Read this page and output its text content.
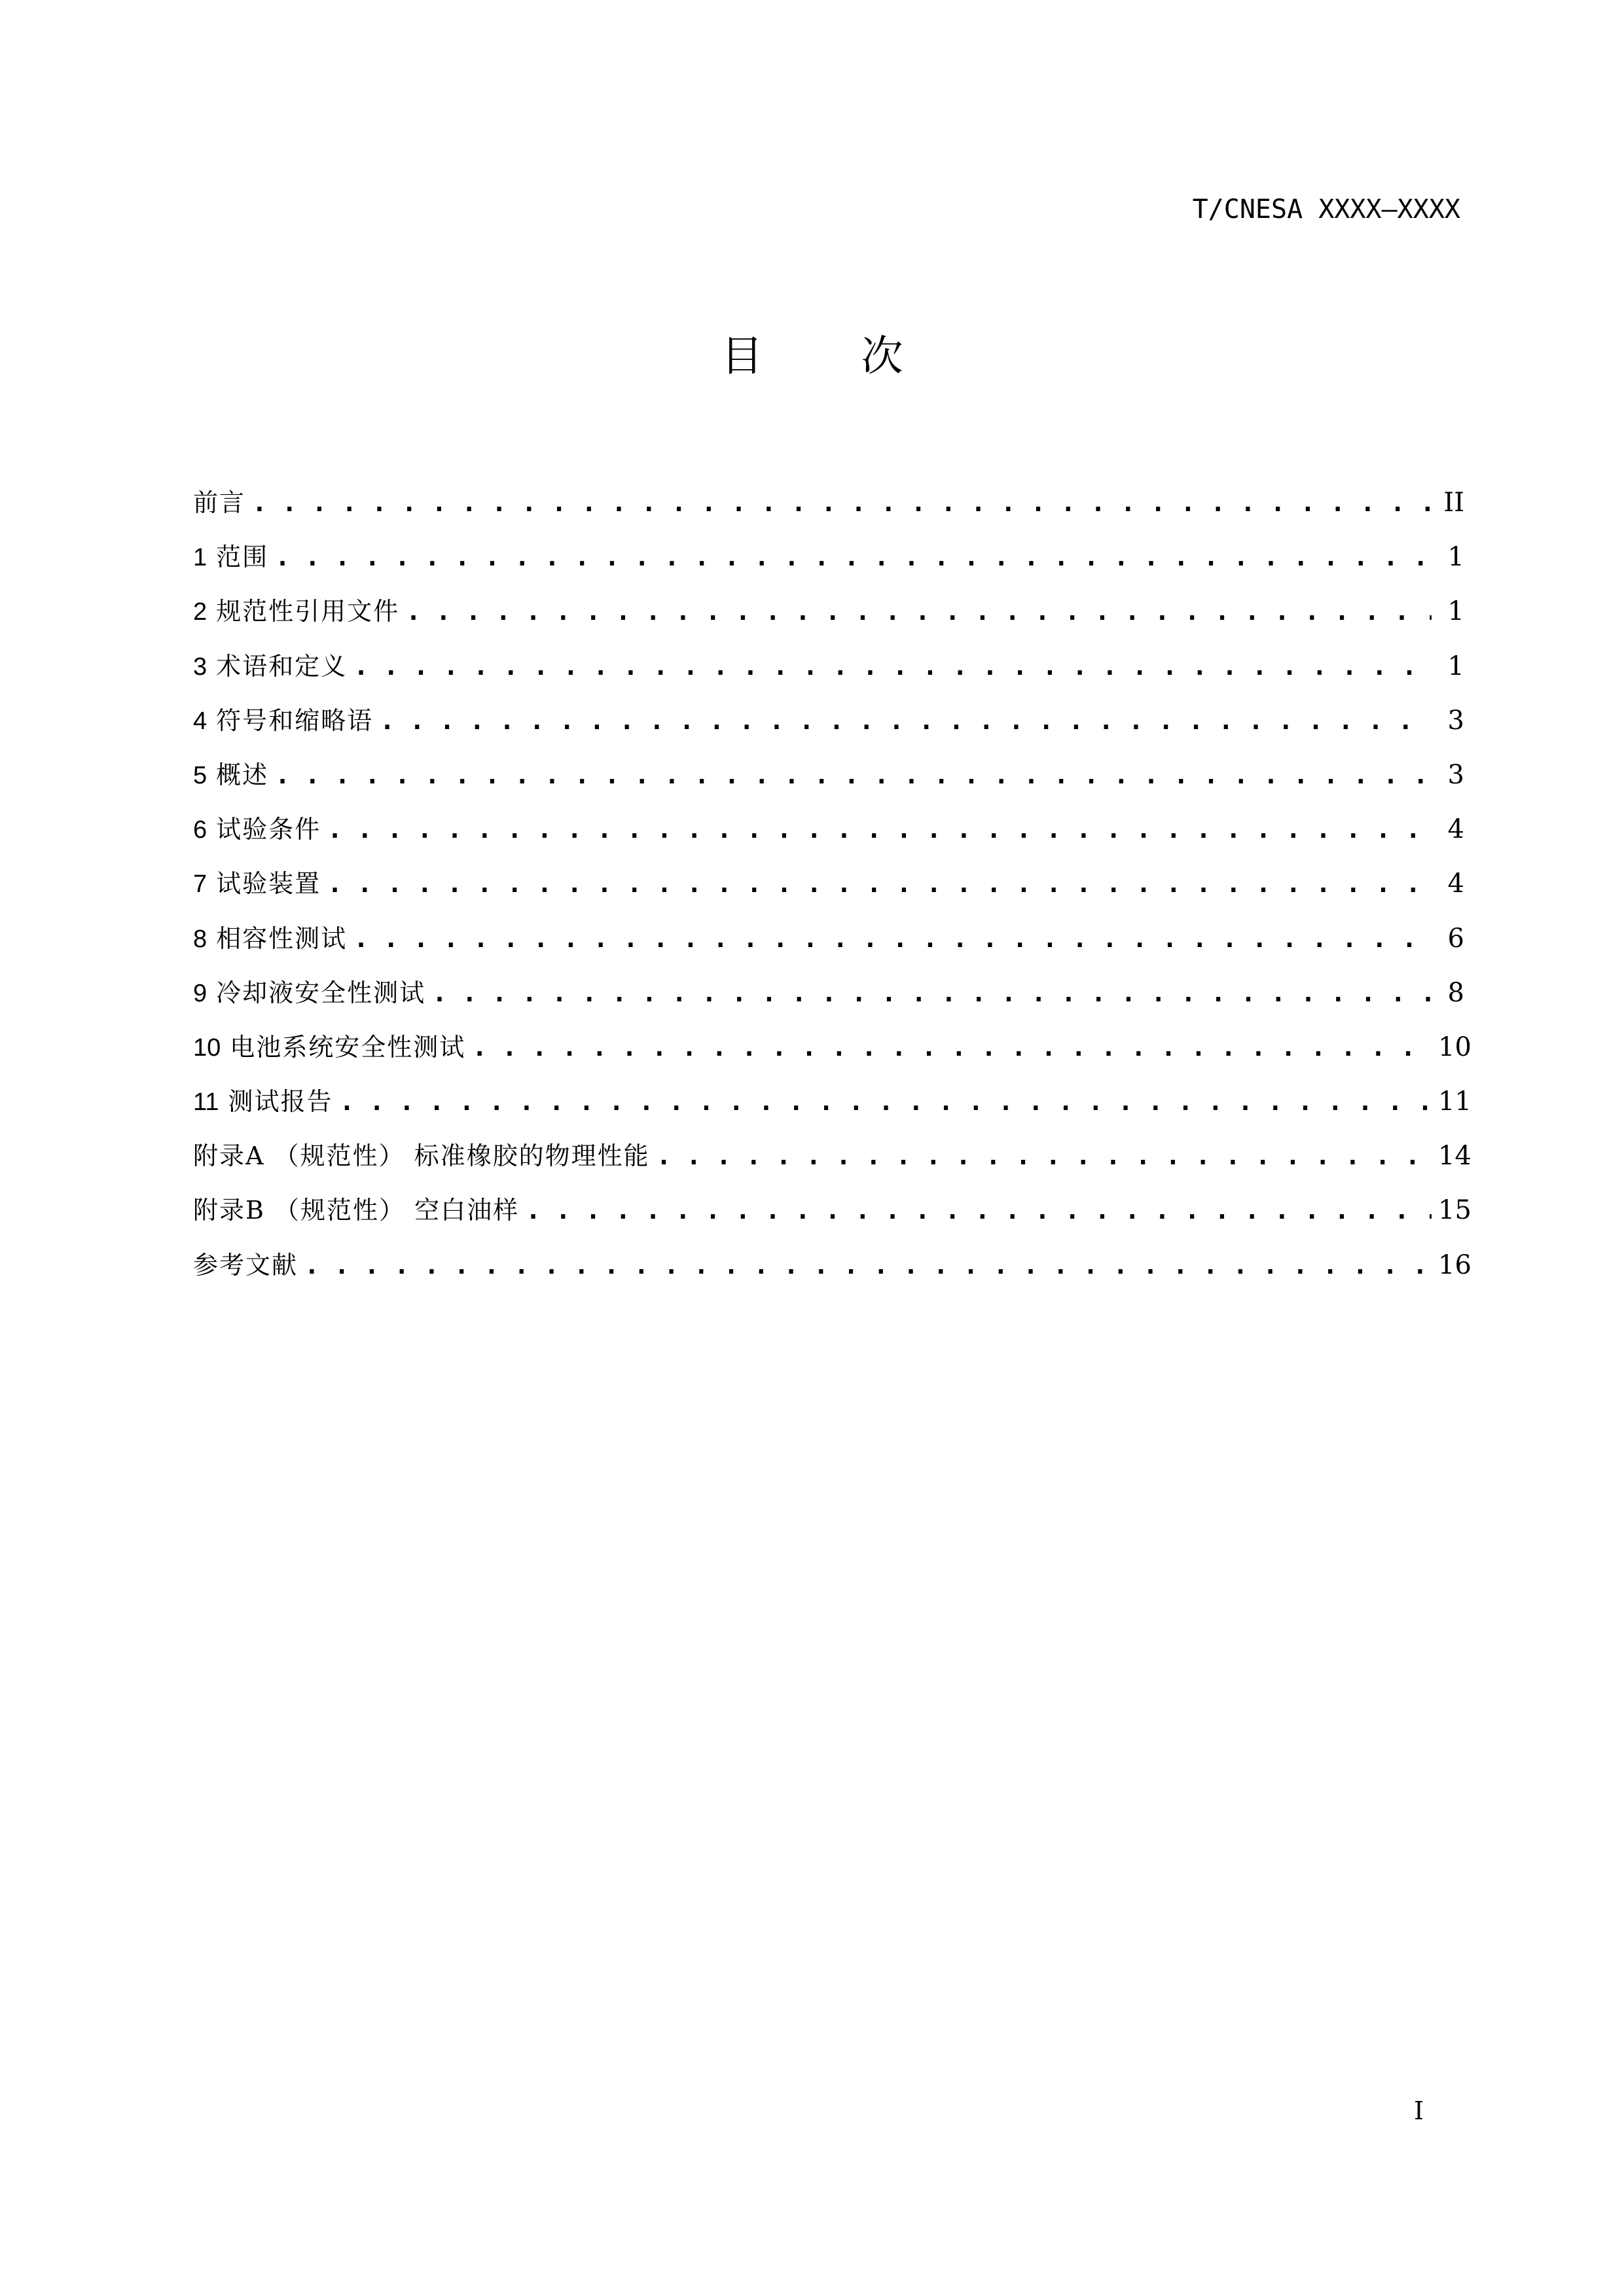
T/CNESA XXXX—XXXX
目 次
前言 . . .	II
1 范围 . . .	1
2 规范性引用文件 . . .	1
3 术语和定义 . . .	1
4 符号和缩略语 . . .	3
5 概述 . . .	3
6 试验条件 . . .	4
7 试验装置 . . .	4
8 相容性测试 . . .	6
9 冷却液安全性测试 . . .	8
10 电池系统安全性测试 . . .	10
11 测试报告 . . .	11
附录A （规范性） 标准橡胶的物理性能 . . .	14
附录B （规范性） 空白油样 . . .	15
参考文献 . . .	16
I
